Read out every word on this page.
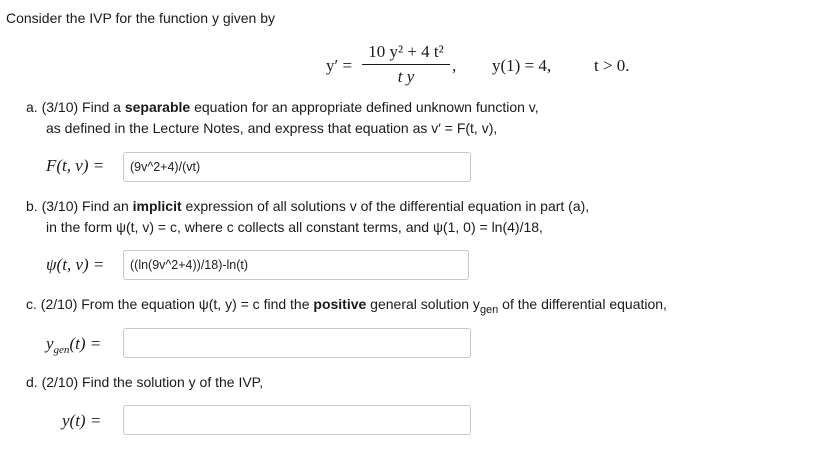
Consider the IVP for the function y given by
y′ =
10 y² + 4 t²
t y
, y(1) = 4,	t > 0.
a. (3/10) Find a separable equation for an appropriate defined unknown function v,
as defined in the Lecture Notes, and express that equation as v′ = F(t, v),
F(t, v) =	(9v^2+4)/(vt)
b. (3/10) Find an implicit expression of all solutions v of the differential equation in part (a),
in the form ψ(t, v) = c, where c collects all constant terms, and ψ(1, 0) = ln(4)/18,
ψ(t, v) =	((ln(9v^2+4))/18)-ln(t)
c. (2/10) From the equation ψ(t, y) = c find the positive general solution $y_{gen}$ of the differential equation,
$y_{gen}(t)$ =
d. (2/10) Find the solution y of the IVP,
y(t) =
